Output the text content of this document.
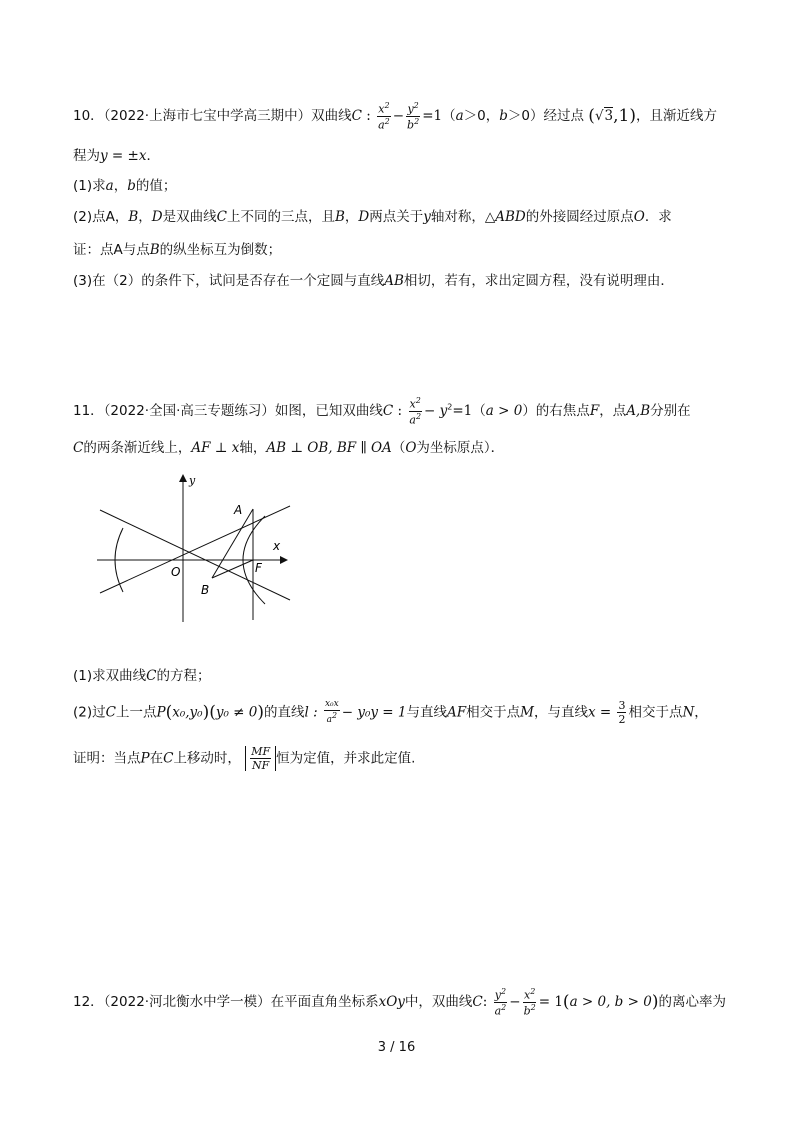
10．（2022·上海市七宝中学高三期中）双曲线C : $\frac{x^2}{a^2} - \frac{y^2}{b^2} =1(a>0$，b＞0）经过点 (√3,1)，且渐近线方
程为y = ±x．
(1)求a，b的值；
(2)点A，B，D是双曲线C上不同的三点，且B，D两点关于y轴对称，△ABD的外接圆经过原点O．求
证：点A与点B的纵坐标互为倒数；
(3)在（2）的条件下，试问是否存在一个定圆与直线AB相切，若有，求出定圆方程，没有说明理由．
11．（2022·全国·高三专题练习）如图，已知双曲线C : $\frac{x^2}{a^2} - y^2=1(a > 0)$的右焦点F，点A,B分别在
C的两条渐近线上，AF ⊥ x轴，AB ⊥ OB, BF ∥ OA（O为坐标原点）．
y
x
A
B
O	F
(1)求双曲线C的方程；
(2)过C上一点P(x₀,y₀)(y₀ ≠ 0)的直线l : $\frac{\text{x₀x}}{a^2} - y_0y = 1$与直线AF相交于点M，与直线$x = \frac{3}{2}$ 相交于点N，
证明：当点P在C上移动时， $\frac{MF}{NF}$ 恒为定值，并求此定值.
12．（2022·河北衡水中学一模）在平面直角坐标系xOy中，双曲线C: $\frac{y^2}{a^2} - \frac{x^2}{b^2} = 1(a > 0$, b > 0)的离心率为
3 / 16
